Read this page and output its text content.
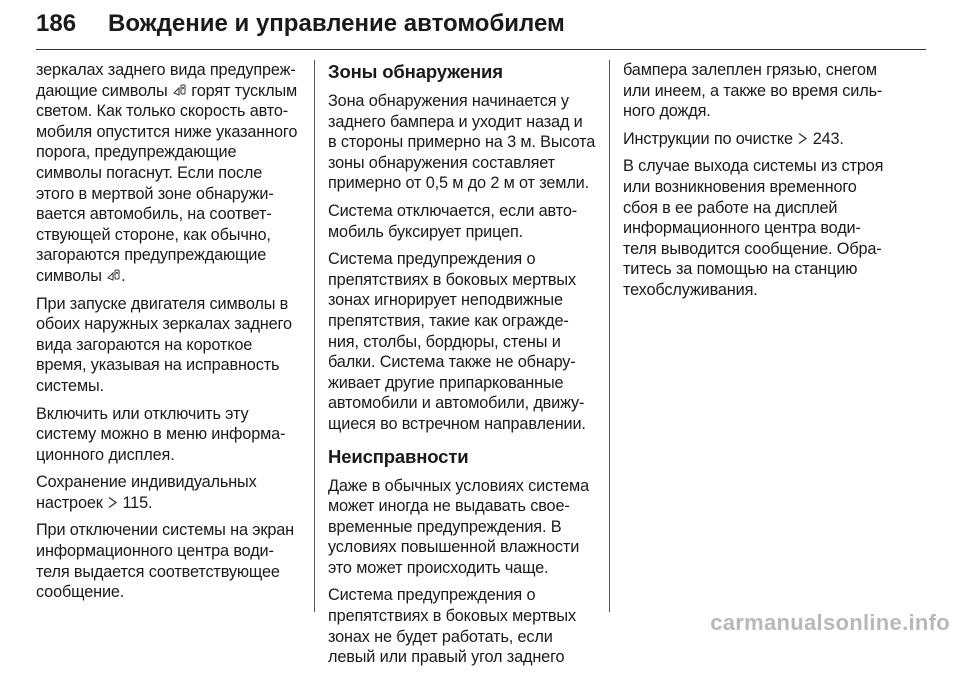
186	Вождение и управление автомобилем

зеркалах заднего вида предупреж-
дающие символы горят тусклым
светом. Как только скорость авто-
мобиля опустится ниже указанного
порога, предупреждающие
символы погаснут. Если после
этого в мертвой зоне обнаружи-
вается автомобиль, на соответ-
ствующей стороне, как обычно,
загораются предупреждающие
символы .

При запуске двигателя символы в
обоих наружных зеркалах заднего
вида загораются на короткое
время, указывая на исправность
системы.

Включить или отключить эту
систему можно в меню информа-
ционного дисплея.

Сохранение индивидуальных
настроек 115.

При отключении системы на экран
информационного центра води-
теля выдается соответствующее
сообщение.

Зоны обнаружения

Зона обнаружения начинается у
заднего бампера и уходит назад и
в стороны примерно на 3 м. Высота
зоны обнаружения составляет
примерно от 0,5 м до 2 м от земли.

Система отключается, если авто-
мобиль буксирует прицеп.

Система предупреждения о
препятствиях в боковых мертвых
зонах игнорирует неподвижные
препятствия, такие как огражде-
ния, столбы, бордюры, стены и
балки. Система также не обнару-
живает другие припаркованные
автомобили и автомобили, движу-
щиеся во встречном направлении.

Неисправности

Даже в обычных условиях система
может иногда не выдавать свое-
временные предупреждения. В
условиях повышенной влажности
это может происходить чаще.

Система предупреждения о
препятствиях в боковых мертвых
зонах не будет работать, если
левый или правый угол заднего

бампера залеплен грязью, снегом
или инеем, а также во время силь-
ного дождя.

Инструкции по очистке 243.

В случае выхода системы из строя
или возникновения временного
сбоя в ее работе на дисплей
информационного центра води-
теля выводится сообщение. Обра-
титесь за помощью на станцию
техобслуживания.

carmanualsonline.info
